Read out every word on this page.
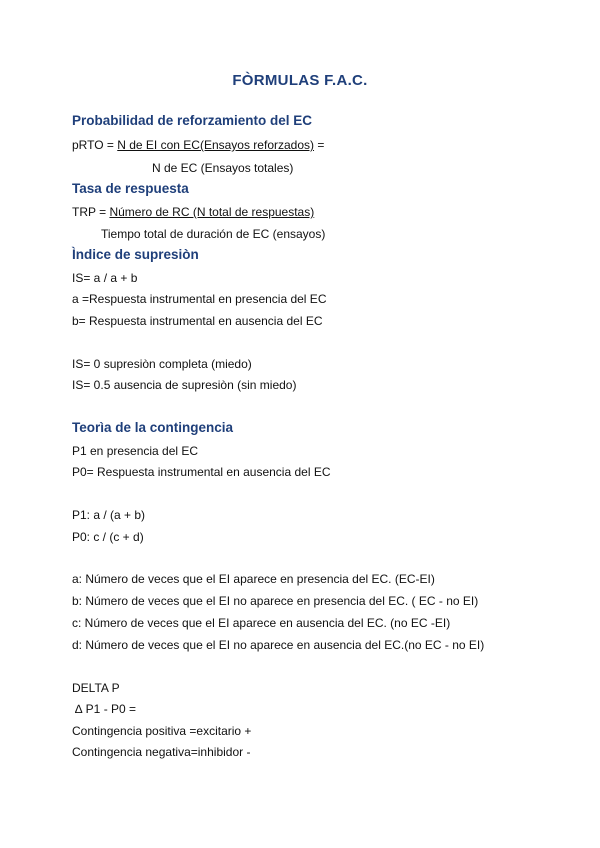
FÒRMULAS F.A.C.
Probabilidad de reforzamiento del EC
pRTO = N de EI con EC(Ensayos reforzados) =
N de EC (Ensayos totales)
Tasa de respuesta
TRP = Número de RC (N total de respuestas)
Tiempo total de duración de EC (ensayos)
Ìndice de supresiòn
IS= a / a + b
a =Respuesta instrumental en presencia del EC
b= Respuesta instrumental en ausencia del EC
IS= 0 supresiòn completa (miedo)
IS= 0.5 ausencia de supresiòn (sin miedo)
Teorìa de la contingencia
P1 en presencia del EC
P0= Respuesta instrumental en ausencia del EC
P1: a / (a + b)
P0: c / (c + d)
a: Número de veces que el EI aparece en presencia del EC. (EC-EI)
b: Número de veces que el EI no aparece en presencia del EC. ( EC - no EI)
c: Número de veces que el EI aparece en ausencia del EC. (no EC -EI)
d: Número de veces que el EI no aparece en ausencia del EC.(no EC - no EI)
DELTA P
∆ P1 - P0 =
Contingencia positiva =excitario +
Contingencia negativa=inhibidor -
